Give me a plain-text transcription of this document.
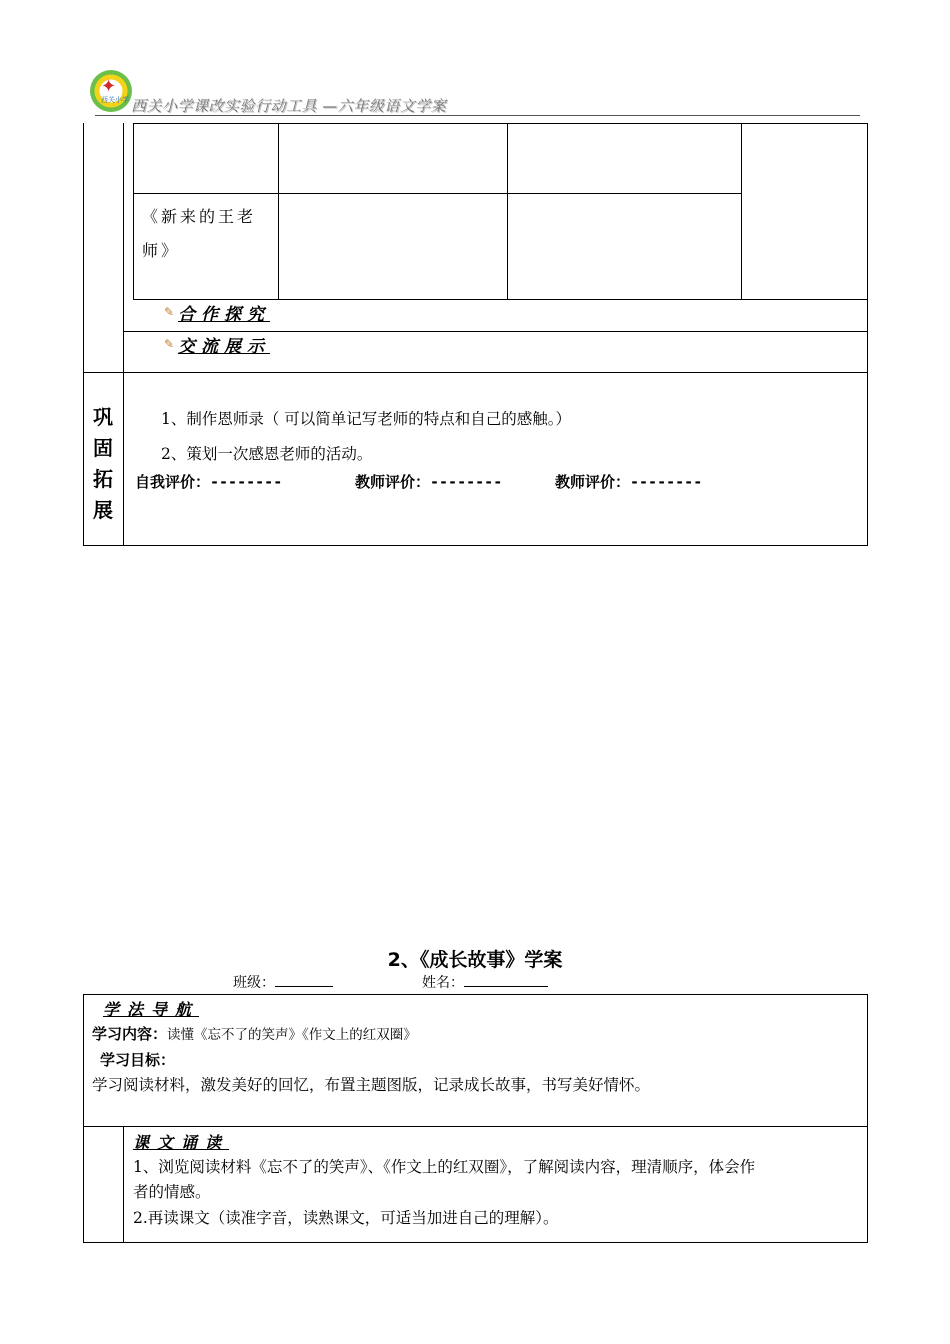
✦
西关小学 西关小学课改实验行动工具 —六年级语文学案
《新来的王老师》
✎ 合作探究
✎ 交流展示
巩
固
拓
展
1、制作恩师录（ 可以简单记写老师的特点和自己的感触。）
2、策划一次感恩老师的活动。
自我评价：--------	教师评价：--------	教师评价：--------
2、《成长故事》学案
班级：	姓名：
学法导航
学习内容：读懂《忘不了的笑声》《作文上的红双圈》
学习目标：
学习阅读材料，激发美好的回忆，布置主题图版，记录成长故事，书写美好情怀。
课文诵读
1、浏览阅读材料《忘不了的笑声》、《作文上的红双圈》，了解阅读内容，理清顺序，体会作
者的情感。
2.再读课文（读准字音，读熟课文，可适当加进自己的理解）。
